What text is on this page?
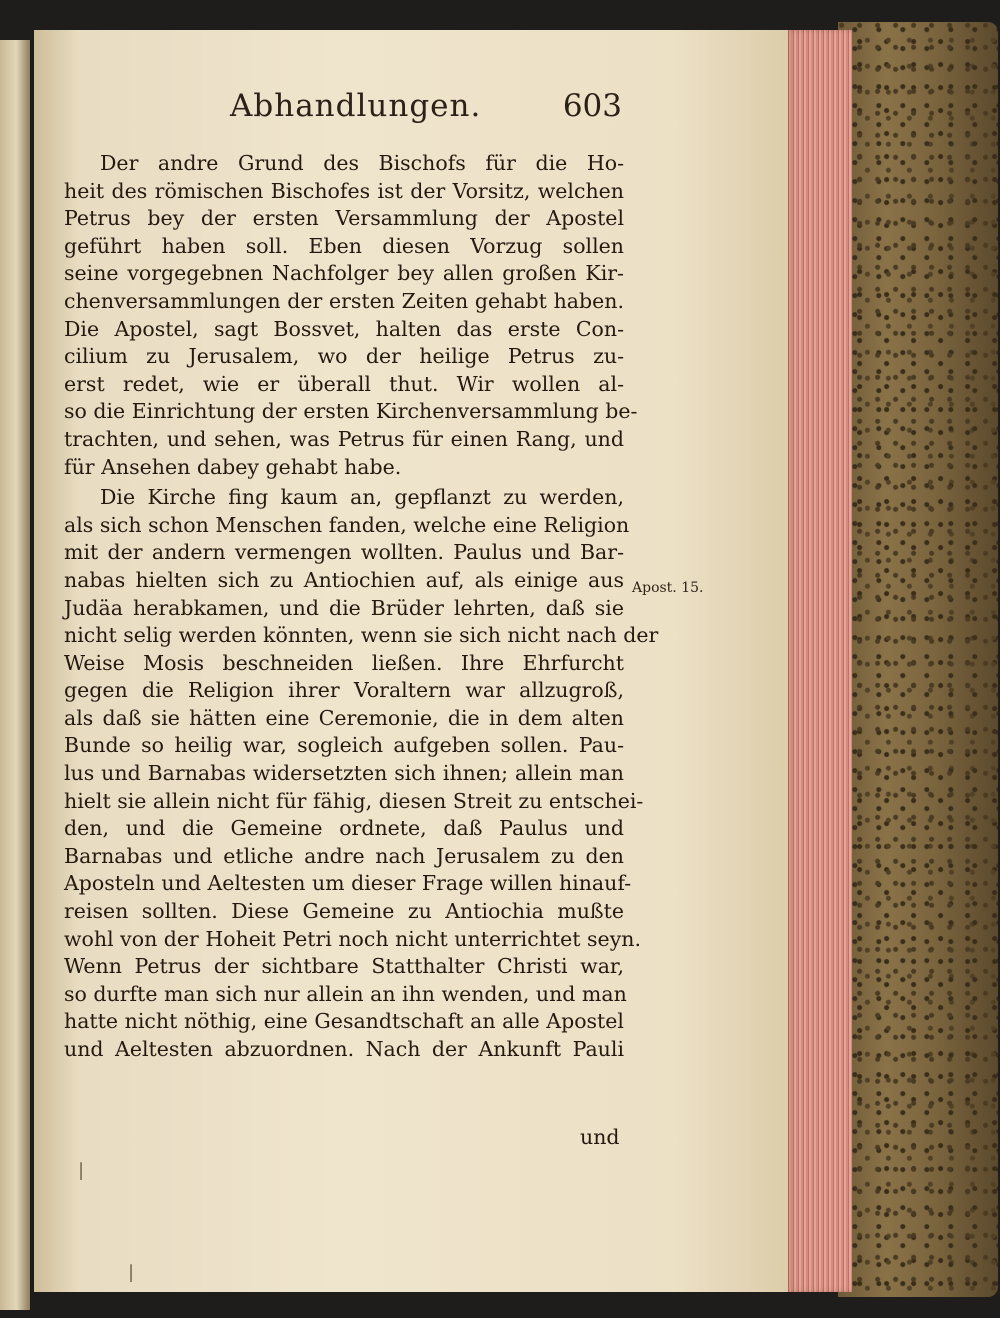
Abhandlungen.	603
Der andre Grund des Bischofs für die Ho-
heit des römischen Bischofes ist der Vorsitz, welchen
Petrus bey der ersten Versammlung der Apostel
geführt haben soll. Eben diesen Vorzug sollen
seine vorgegebnen Nachfolger bey allen großen Kir-
chenversammlungen der ersten Zeiten gehabt haben.
Die Apostel, sagt Bossvet, halten das erste Con-
cilium zu Jerusalem, wo der heilige Petrus zu-
erst redet, wie er überall thut. Wir wollen al-
so die Einrichtung der ersten Kirchenversammlung be-
trachten, und sehen, was Petrus für einen Rang, und
für Ansehen dabey gehabt habe.
Die Kirche fing kaum an, gepflanzt zu werden,
als sich schon Menschen fanden, welche eine Religion
mit der andern vermengen wollten. Paulus und Bar-
nabas hielten sich zu Antiochien auf, als einige aus
Judäa herabkamen, und die Brüder lehrten, daß sie
nicht selig werden könnten, wenn sie sich nicht nach der
Weise Mosis beschneiden ließen. Ihre Ehrfurcht
gegen die Religion ihrer Voraltern war allzugroß,
als daß sie hätten eine Ceremonie, die in dem alten
Bunde so heilig war, sogleich aufgeben sollen. Pau-
lus und Barnabas widersetzten sich ihnen; allein man
hielt sie allein nicht für fähig, diesen Streit zu entschei-
den, und die Gemeine ordnete, daß Paulus und
Barnabas und etliche andre nach Jerusalem zu den
Aposteln und Aeltesten um dieser Frage willen hinauf-
reisen sollten. Diese Gemeine zu Antiochia mußte
wohl von der Hoheit Petri noch nicht unterrichtet seyn.
Wenn Petrus der sichtbare Statthalter Christi war,
so durfte man sich nur allein an ihn wenden, und man
hatte nicht nöthig, eine Gesandtschaft an alle Apostel
und Aeltesten abzuordnen. Nach der Ankunft Pauli
und
Apost. 15.
|
|
